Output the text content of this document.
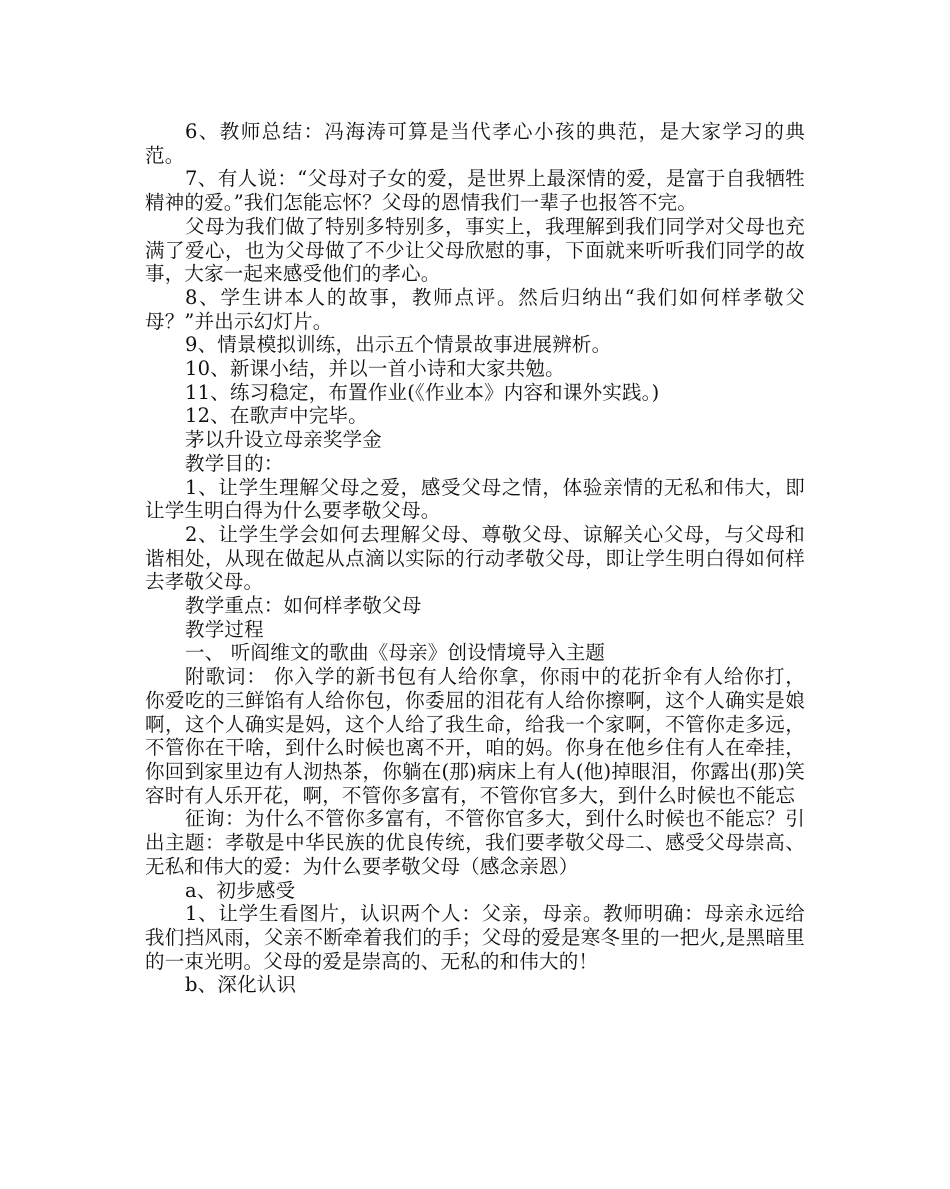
6、教师总结：冯海涛可算是当代孝心小孩的典范，是大家学习的典范。

7、有人说：“父母对子女的爱，是世界上最深情的爱，是富于自我牺牲精神的爱。”我们怎能忘怀？父母的恩情我们一辈子也报答不完。

父母为我们做了特别多特别多，事实上，我理解到我们同学对父母也充满了爱心，也为父母做了不少让父母欣慰的事，下面就来听听我们同学的故事，大家一起来感受他们的孝心。

8、学生讲本人的故事，教师点评。然后归纳出“我们如何样孝敬父母？”并出示幻灯片。

9、情景模拟训练，出示五个情景故事进展辨析。

10、新课小结，并以一首小诗和大家共勉。

11、练习稳定，布置作业(《作业本》内容和课外实践。)

12、在歌声中完毕。

茅以升设立母亲奖学金

教学目的：

1、让学生理解父母之爱，感受父母之情，体验亲情的无私和伟大，即让学生明白得为什么要孝敬父母。

2、让学生学会如何去理解父母、尊敬父母、谅解关心父母，与父母和谐相处，从现在做起从点滴以实际的行动孝敬父母，即让学生明白得如何样去孝敬父母。

教学重点：如何样孝敬父母

教学过程

一、 听阎维文的歌曲《母亲》创设情境导入主题

附歌词： 你入学的新书包有人给你拿，你雨中的花折伞有人给你打， 你爱吃的三鲜馅有人给你包，你委屈的泪花有人给你擦啊，这个人确实是娘啊，这个人确实是妈，这个人给了我生命，给我一个家啊，不管你走多远，不管你在干啥，到什么时候也离不开，咱的妈。你身在他乡住有人在牵挂，你回到家里边有人沏热茶，你躺在(那)病床上有人(他)掉眼泪，你露出(那)笑容时有人乐开花，啊，不管你多富有，不管你官多大，到什么时候也不能忘

征询：为什么不管你多富有，不管你官多大，到什么时候也不能忘？引出主题：孝敬是中华民族的优良传统，我们要孝敬父母二、感受父母崇高、无私和伟大的爱：为什么要孝敬父母（感念亲恩）

a、初步感受

1、让学生看图片，认识两个人：父亲，母亲。教师明确：母亲永远给我们挡风雨，父亲不断牵着我们的手；父母的爱是寒冬里的一把火,是黑暗里的一束光明。父母的爱是崇高的、无私的和伟大的！

b、深化认识
